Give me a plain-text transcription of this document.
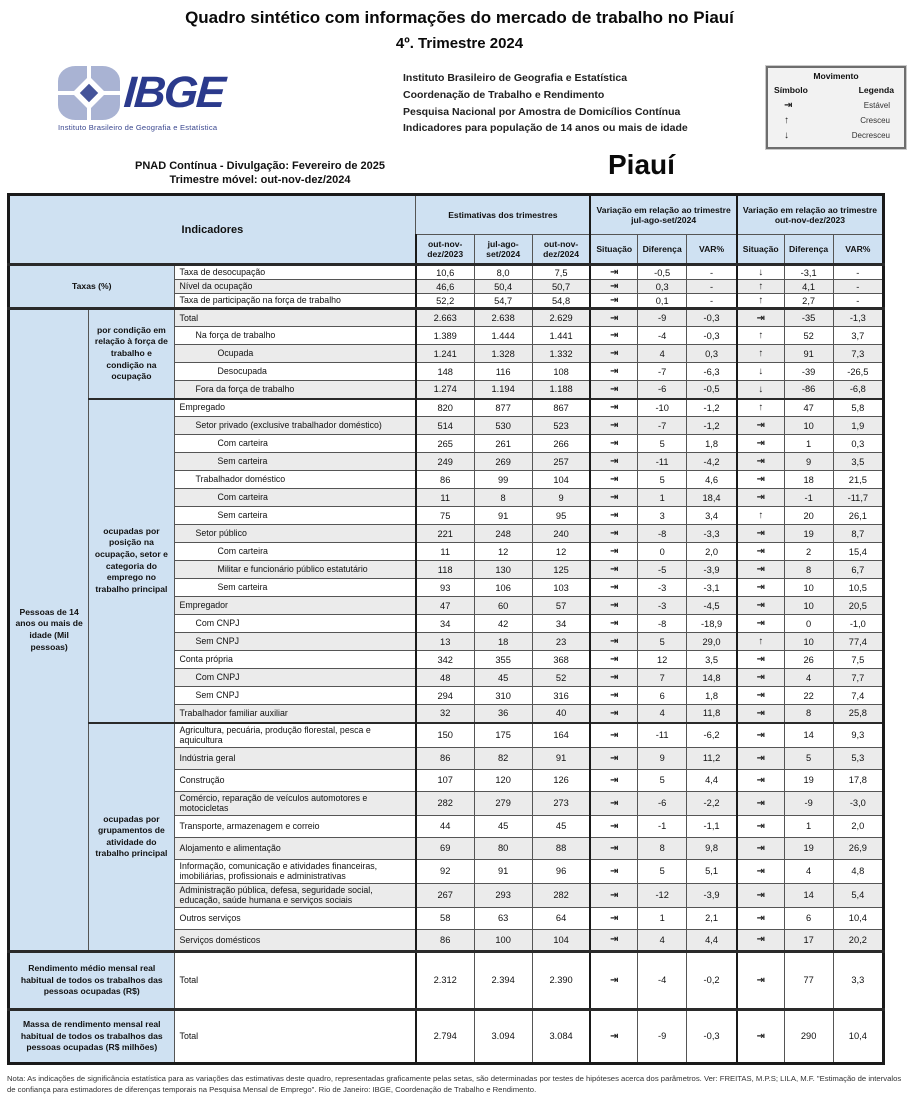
Quadro sintético com informações do mercado de trabalho no Piauí
4º. Trimestre 2024
IBGE
Instituto Brasileiro de Geografia e Estatística
Instituto Brasileiro de Geografia e Estatística
Coordenação de Trabalho e Rendimento
Pesquisa Nacional por Amostra de Domicílios Contínua
Indicadores para população de 14 anos ou mais de idade
Movimento
Símbolo	Legenda
⇥	Estável
↑	Cresceu
↓	Decresceu
PNAD Contínua - Divulgação: Fevereiro de 2025
Trimestre móvel: out-nov-dez/2024
Piauí
Indicadores			Estimativas dos trimestres			Variação em relação ao trimestre
jul-ago-set/2024			Variação em relação ao trimestre
out-nov-dez/2023		
			out-nov-dez/2023	jul-ago-set/2024	out-nov-dez/2024	Situação	Diferença	VAR%	Situação	Diferença	VAR%
Taxas (%)		Taxa de desocupação	10,6	8,0	7,5	⇥	-0,5	-	↓	-3,1	-
		Nível da ocupação	46,6	50,4	50,7	⇥	0,3	-	↑	4,1	-
		Taxa de participação na força de trabalho	52,2	54,7	54,8	⇥	0,1	-	↑	2,7	-
Pessoas de 14 anos ou mais de idade (Mil pessoas)	por condição em relação à força de trabalho e condição na ocupação	Total	2.663	2.638	2.629	⇥	-9	-0,3	⇥	-35	-1,3
		Na força de trabalho	1.389	1.444	1.441	⇥	-4	-0,3	↑	52	3,7
		Ocupada	1.241	1.328	1.332	⇥	4	0,3	↑	91	7,3
		Desocupada	148	116	108	⇥	-7	-6,3	↓	-39	-26,5
		Fora da força de trabalho	1.274	1.194	1.188	⇥	-6	-0,5	↓	-86	-6,8
	ocupadas por posição na ocupação, setor e categoria do emprego no trabalho principal	Empregado	820	877	867	⇥	-10	-1,2	↑	47	5,8
		Setor privado (exclusive trabalhador doméstico)	514	530	523	⇥	-7	-1,2	⇥	10	1,9
		Com carteira	265	261	266	⇥	5	1,8	⇥	1	0,3
		Sem carteira	249	269	257	⇥	-11	-4,2	⇥	9	3,5
		Trabalhador doméstico	86	99	104	⇥	5	4,6	⇥	18	21,5
		Com carteira	11	8	9	⇥	1	18,4	⇥	-1	-11,7
		Sem carteira	75	91	95	⇥	3	3,4	↑	20	26,1
		Setor público	221	248	240	⇥	-8	-3,3	⇥	19	8,7
		Com carteira	11	12	12	⇥	0	2,0	⇥	2	15,4
		Militar e funcionário público estatutário	118	130	125	⇥	-5	-3,9	⇥	8	6,7
		Sem carteira	93	106	103	⇥	-3	-3,1	⇥	10	10,5
		Empregador	47	60	57	⇥	-3	-4,5	⇥	10	20,5
		Com CNPJ	34	42	34	⇥	-8	-18,9	⇥	0	-1,0
		Sem CNPJ	13	18	23	⇥	5	29,0	↑	10	77,4
		Conta própria	342	355	368	⇥	12	3,5	⇥	26	7,5
		Com CNPJ	48	45	52	⇥	7	14,8	⇥	4	7,7
		Sem CNPJ	294	310	316	⇥	6	1,8	⇥	22	7,4
		Trabalhador familiar auxiliar	32	36	40	⇥	4	11,8	⇥	8	25,8
	ocupadas por grupamentos de atividade do trabalho principal	Agricultura, pecuária, produção florestal, pesca e aquicultura	150	175	164	⇥	-11	-6,2	⇥	14	9,3
		Indústria geral	86	82	91	⇥	9	11,2	⇥	5	5,3
		Construção	107	120	126	⇥	5	4,4	⇥	19	17,8
		Comércio, reparação de veículos automotores e motocicletas	282	279	273	⇥	-6	-2,2	⇥	-9	-3,0
		Transporte, armazenagem e correio	44	45	45	⇥	-1	-1,1	⇥	1	2,0
		Alojamento e alimentação	69	80	88	⇥	8	9,8	⇥	19	26,9
		Informação, comunicação e atividades financeiras, imobiliárias, profissionais e administrativas	92	91	96	⇥	5	5,1	⇥	4	4,8
		Administração pública, defesa, seguridade social, educação, saúde humana e serviços sociais	267	293	282	⇥	-12	-3,9	⇥	14	5,4
		Outros serviços	58	63	64	⇥	1	2,1	⇥	6	10,4
		Serviços domésticos	86	100	104	⇥	4	4,4	⇥	17	20,2
Rendimento médio mensal real habitual de todos os trabalhos das pessoas ocupadas (R$)		Total	2.312	2.394	2.390	⇥	-4	-0,2	⇥	77	3,3
Massa de rendimento mensal real habitual de todos os trabalhos das pessoas ocupadas (R$ milhões)		Total	2.794	3.094	3.084	⇥	-9	-0,3	⇥	290	10,4
Nota: As indicações de significância estatística para as variações das estimativas deste quadro, representadas graficamente pelas setas, são determinadas por testes de hipóteses acerca dos parâmetros. Ver: FREITAS, M.P.S; LILA, M.F. "Estimação de intervalos de confiança para estimadores de diferenças temporais na Pesquisa Mensal de Emprego". Rio de Janeiro: IBGE, Coordenação de Trabalho e Rendimento.
